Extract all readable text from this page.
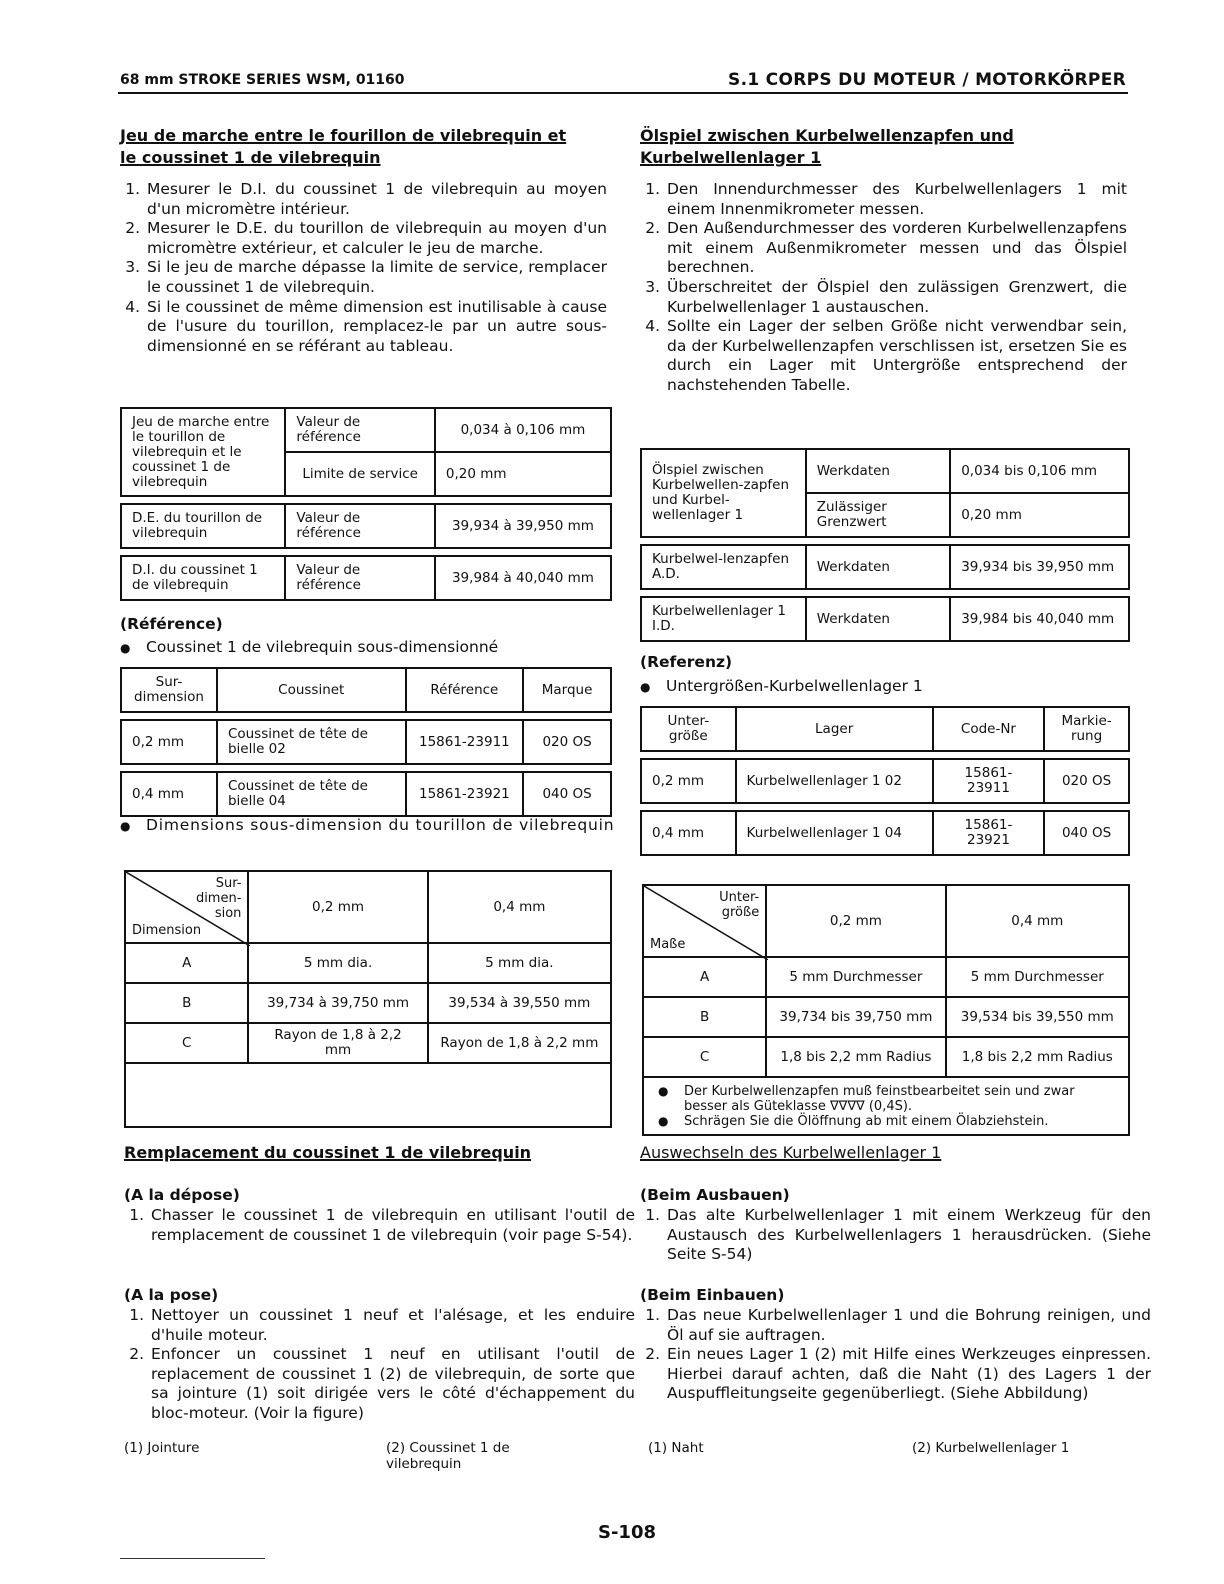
68 mm STROKE SERIES WSM, 01160	S.1 CORPS DU MOTEUR / MOTORKÖRPER
Jeu de marche entre le fourillon de vilebrequin et
le coussinet 1 de vilebrequin
1. Mesurer le D.I. du coussinet 1 de vilebrequin au moyen d'un micromètre intérieur.
2. Mesurer le D.E. du tourillon de vilebrequin au moyen d'un micromètre extérieur, et calculer le jeu de marche.
3. Si le jeu de marche dépasse la limite de service, remplacer le coussinet 1 de vilebrequin.
4. Si le coussinet de même dimension est inutilisable à cause de l'usure du tourillon, remplacez-le par un autre sous-dimensionné en se référant au tableau.
Jeu de marche entre le tourillon de vilebrequin et le coussinet 1 de vilebrequin	Valeur de référence	0,034 à 0,106 mm
	Limite de service	0,20 mm

D.E. du tourillon de vilebrequin	Valeur de référence	39,934 à 39,950 mm

D.I. du coussinet 1 de vilebrequin	Valeur de référence	39,984 à 40,040 mm
(Référence)
● Coussinet 1 de vilebrequin sous-dimensionné
Sur-dimension	Coussinet	Référence	Marque

0,2 mm	Coussinet de tête de bielle 02	15861-23911	020 OS

0,4 mm	Coussinet de tête de bielle 04	15861-23921	040 OS
● Dimensions sous-dimension du tourillon de vilebrequin
Sur-dimen-sion
Dimension	0,2 mm	0,4 mm
A	5 mm dia.	5 mm dia.
B	39,734 à 39,750 mm	39,534 à 39,550 mm
C	Rayon de 1,8 à 2,2 mm	Rayon de 1,8 à 2,2 mm

Remplacement du coussinet 1 de vilebrequin
(A la dépose)
1. Chasser le coussinet 1 de vilebrequin en utilisant l'outil de remplacement de coussinet 1 de vilebrequin (voir page S-54).
(A la pose)
1. Nettoyer un coussinet 1 neuf et l'alésage, et les enduire d'huile moteur.
2. Enfoncer un coussinet 1 neuf en utilisant l'outil de replacement de coussinet 1 (2) de vilebrequin, de sorte que sa jointure (1) soit dirigée vers le côté d'échappement du bloc-moteur. (Voir la figure)
(1) Jointure	(2) Coussinet 1 de vilebrequin
Ölspiel zwischen Kurbelwellenzapfen und
Kurbelwellenlager 1
1. Den Innendurchmesser des Kurbelwellenlagers 1 mit einem Innenmikrometer messen.
2. Den Außendurchmesser des vorderen Kurbelwellenzapfens mit einem Außenmikrometer messen und das Ölspiel berechnen.
3. Überschreitet der Ölspiel den zulässigen Grenzwert, die Kurbelwellenlager 1 austauschen.
4. Sollte ein Lager der selben Größe nicht verwendbar sein, da der Kurbelwellenzapfen verschlissen ist, ersetzen Sie es durch ein Lager mit Untergröße entsprechend der nachstehenden Tabelle.
Ölspiel zwischen Kurbelwellen-zapfen und Kurbel-wellenlager 1	Werkdaten	0,034 bis 0,106 mm
	Zulässiger Grenzwert	0,20 mm

Kurbelwel-lenzapfen A.D.	Werkdaten	39,934 bis 39,950 mm

Kurbelwellenlager 1 I.D.	Werkdaten	39,984 bis 40,040 mm
(Referenz)
● Untergrößen-Kurbelwellenlager 1
Unter-größe	Lager	Code-Nr	Markie-rung

0,2 mm	Kurbelwellenlager 1 02	15861-23911	020 OS

0,4 mm	Kurbelwellenlager 1 04	15861-23921	040 OS
Unter-größe
Maße	0,2 mm	0,4 mm
A	5 mm Durchmesser	5 mm Durchmesser
B	39,734 bis 39,750 mm	39,534 bis 39,550 mm
C	1,8 bis 2,2 mm Radius	1,8 bis 2,2 mm Radius

● Der Kurbelwellenzapfen muß feinstbearbeitet sein und zwar besser als Güteklasse ∇∇∇∇ (0,4S).
● Schrägen Sie die Ölöffnung ab mit einem Ölabziehstein.
Auswechseln des Kurbelwellenlager 1
(Beim Ausbauen)
1. Das alte Kurbelwellenlager 1 mit einem Werkzeug für den Austausch des Kurbelwellenlagers 1 herausdrücken. (Siehe Seite S-54)
(Beim Einbauen)
1. Das neue Kurbelwellenlager 1 und die Bohrung reinigen, und Öl auf sie auftragen.
2. Ein neues Lager 1 (2) mit Hilfe eines Werkzeuges einpressen. Hierbei darauf achten, daß die Naht (1) des Lagers 1 der Auspuffleitungseite gegenüberliegt. (Siehe Abbildung)
(1) Naht	(2) Kurbelwellenlager 1
S-108
